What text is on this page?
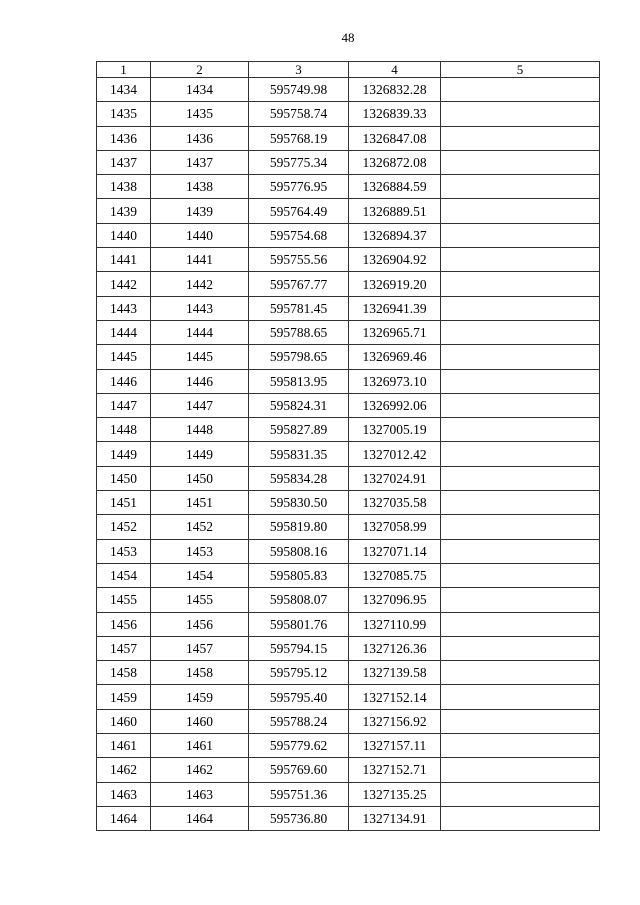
48
1	2	3	4	5
1434	1434	595749.98	1326832.28	
1435	1435	595758.74	1326839.33	
1436	1436	595768.19	1326847.08	
1437	1437	595775.34	1326872.08	
1438	1438	595776.95	1326884.59	
1439	1439	595764.49	1326889.51	
1440	1440	595754.68	1326894.37	
1441	1441	595755.56	1326904.92	
1442	1442	595767.77	1326919.20	
1443	1443	595781.45	1326941.39	
1444	1444	595788.65	1326965.71	
1445	1445	595798.65	1326969.46	
1446	1446	595813.95	1326973.10	
1447	1447	595824.31	1326992.06	
1448	1448	595827.89	1327005.19	
1449	1449	595831.35	1327012.42	
1450	1450	595834.28	1327024.91	
1451	1451	595830.50	1327035.58	
1452	1452	595819.80	1327058.99	
1453	1453	595808.16	1327071.14	
1454	1454	595805.83	1327085.75	
1455	1455	595808.07	1327096.95	
1456	1456	595801.76	1327110.99	
1457	1457	595794.15	1327126.36	
1458	1458	595795.12	1327139.58	
1459	1459	595795.40	1327152.14	
1460	1460	595788.24	1327156.92	
1461	1461	595779.62	1327157.11	
1462	1462	595769.60	1327152.71	
1463	1463	595751.36	1327135.25	
1464	1464	595736.80	1327134.91	
